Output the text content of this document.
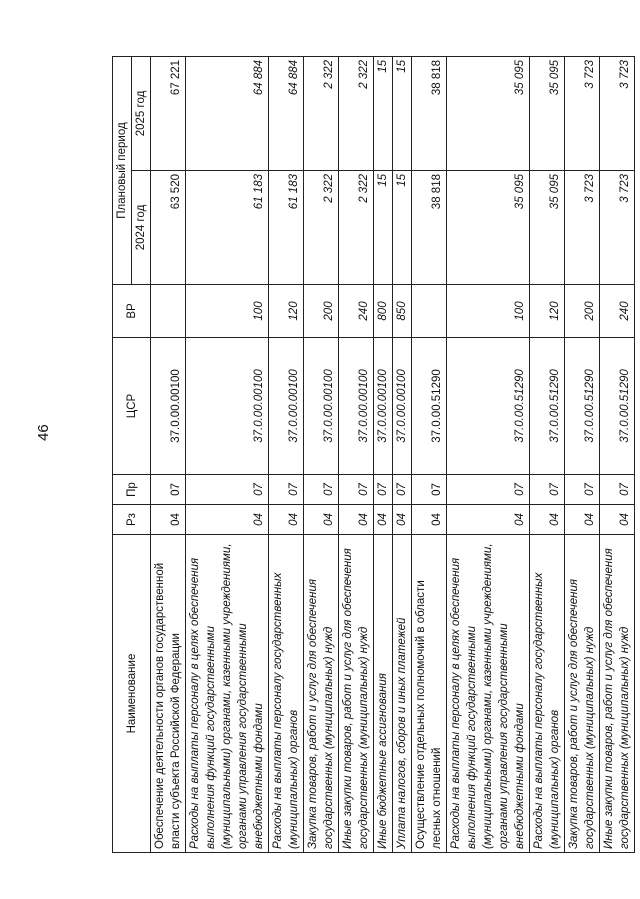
46
Наименование	Рз	Пр	ЦСР	ВР	Плановый период	
					2024 год	2025 год
Обеспечение деятельности органов государственной власти субъекта Российской Федерации	04	07	37.0.00.00100		63 520	67 221
Расходы на выплаты персоналу в целях обеспечения выполнения функций государственными (муниципальными) органами, казенными учреждениями, органами управления государственными внебюджетными фондами	04	07	37.0.00.00100	100	61 183	64 884
Расходы на выплаты персоналу государственных (муниципальных) органов	04	07	37.0.00.00100	120	61 183	64 884
Закупка товаров, работ и услуг для обеспечения государственных (муниципальных) нужд	04	07	37.0.00.00100	200	2 322	2 322
Иные закупки товаров, работ и услуг для обеспечения государственных (муниципальных) нужд	04	07	37.0.00.00100	240	2 322	2 322
Иные бюджетные ассигнования	04	07	37.0.00.00100	800	15	15
Уплата налогов, сборов и иных платежей	04	07	37.0.00.00100	850	15	15
Осуществление отдельных полномочий в области лесных отношений	04	07	37.0.00.51290		38 818	38 818
Расходы на выплаты персоналу в целях обеспечения выполнения функций государственными (муниципальными) органами, казенными учреждениями, органами управления государственными внебюджетными фондами	04	07	37.0.00.51290	100	35 095	35 095
Расходы на выплаты персоналу государственных (муниципальных) органов	04	07	37.0.00.51290	120	35 095	35 095
Закупка товаров, работ и услуг для обеспечения государственных (муниципальных) нужд	04	07	37.0.00.51290	200	3 723	3 723
Иные закупки товаров, работ и услуг для обеспечения государственных (муниципальных) нужд	04	07	37.0.00.51290	240	3 723	3 723
